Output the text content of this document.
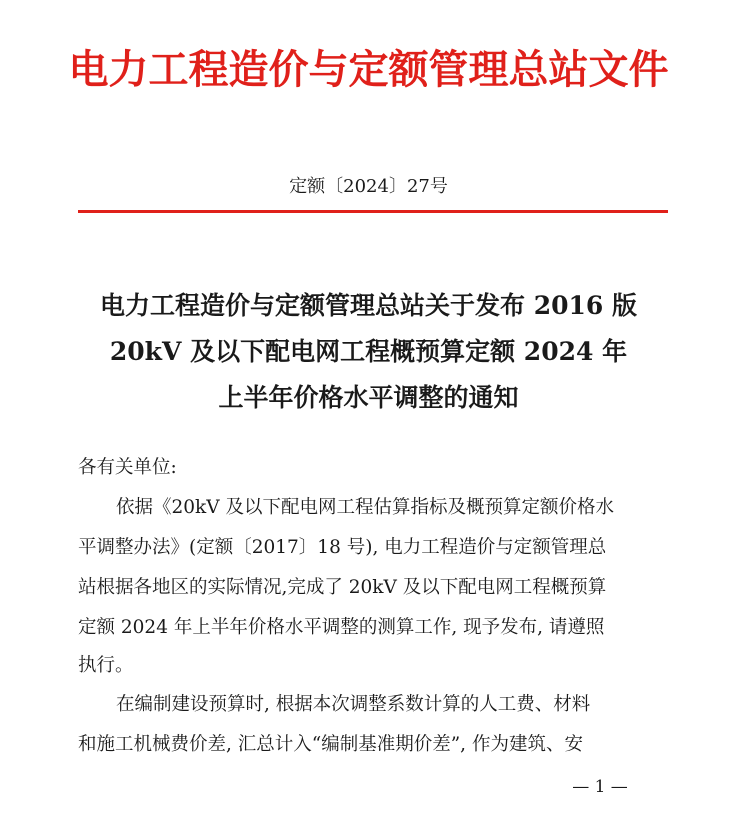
电力工程造价与定额管理总站文件
定额〔2024〕27号
电力工程造价与定额管理总站关于发布 2016 版
20kV 及以下配电网工程概预算定额 2024 年
上半年价格水平调整的通知
各有关单位:
依据《20kV 及以下配电网工程估算指标及概预算定额价格水
平调整办法》(定额〔2017〕18 号), 电力工程造价与定额管理总
站根据各地区的实际情况,完成了 20kV 及以下配电网工程概预算
定额 2024 年上半年价格水平调整的测算工作, 现予发布, 请遵照
执行。
在编制建设预算时, 根据本次调整系数计算的人工费、材料
和施工机械费价差, 汇总计入“编制基准期价差”, 作为建筑、安
— 1 —
